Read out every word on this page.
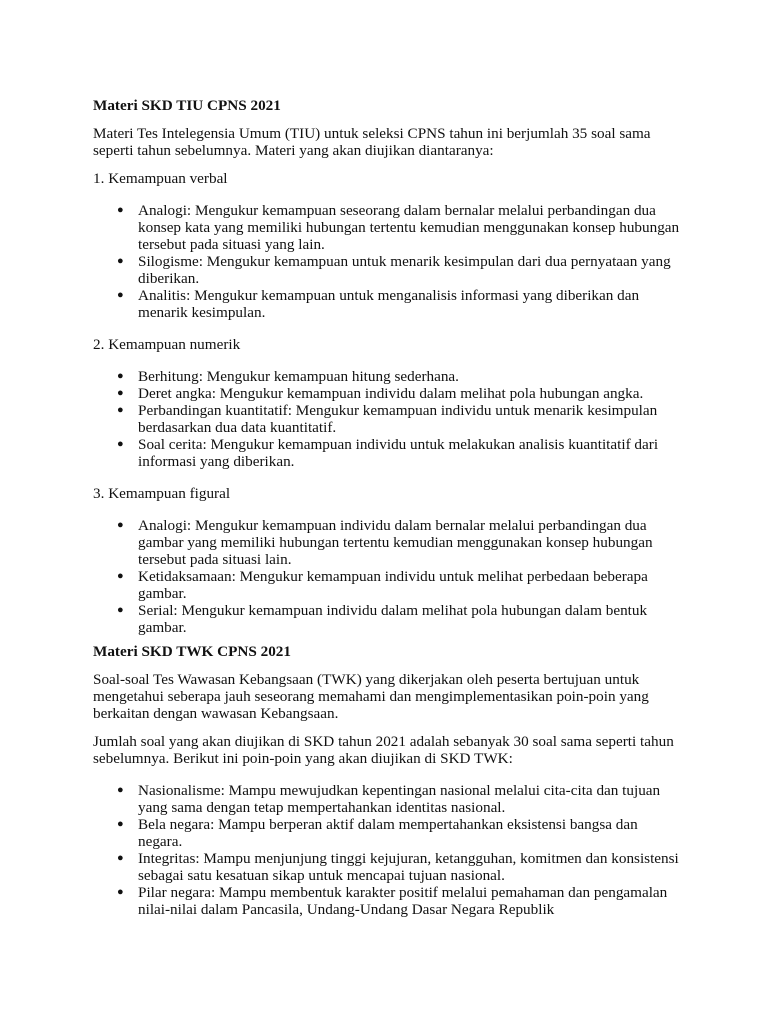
Materi SKD TIU CPNS 2021

Materi Tes Intelegensia Umum (TIU) untuk seleksi CPNS tahun ini berjumlah 35 soal sama seperti tahun sebelumnya. Materi yang akan diujikan diantaranya:

1. Kemampuan verbal

● Analogi: Mengukur kemampuan seseorang dalam bernalar melalui perbandingan dua konsep kata yang memiliki hubungan tertentu kemudian menggunakan konsep hubungan tersebut pada situasi yang lain.
● Silogisme: Mengukur kemampuan untuk menarik kesimpulan dari dua pernyataan yang diberikan.
● Analitis: Mengukur kemampuan untuk menganalisis informasi yang diberikan dan menarik kesimpulan.

2. Kemampuan numerik

● Berhitung: Mengukur kemampuan hitung sederhana.
● Deret angka: Mengukur kemampuan individu dalam melihat pola hubungan angka.
● Perbandingan kuantitatif: Mengukur kemampuan individu untuk menarik kesimpulan berdasarkan dua data kuantitatif.
● Soal cerita: Mengukur kemampuan individu untuk melakukan analisis kuantitatif dari informasi yang diberikan.

3. Kemampuan figural

● Analogi: Mengukur kemampuan individu dalam bernalar melalui perbandingan dua gambar yang memiliki hubungan tertentu kemudian menggunakan konsep hubungan tersebut pada situasi lain.
● Ketidaksamaan: Mengukur kemampuan individu untuk melihat perbedaan beberapa gambar.
● Serial: Mengukur kemampuan individu dalam melihat pola hubungan dalam bentuk gambar.
Materi SKD TWK CPNS 2021

Soal-soal Tes Wawasan Kebangsaan (TWK) yang dikerjakan oleh peserta bertujuan untuk mengetahui seberapa jauh seseorang memahami dan mengimplementasikan poin-poin yang berkaitan dengan wawasan Kebangsaan.

Jumlah soal yang akan diujikan di SKD tahun 2021 adalah sebanyak 30 soal sama seperti tahun sebelumnya. Berikut ini poin-poin yang akan diujikan di SKD TWK:

● Nasionalisme: Mampu mewujudkan kepentingan nasional melalui cita-cita dan tujuan yang sama dengan tetap mempertahankan identitas nasional.
● Bela negara: Mampu berperan aktif dalam mempertahankan eksistensi bangsa dan negara.
● Integritas: Mampu menjunjung tinggi kejujuran, ketangguhan, komitmen dan konsistensi sebagai satu kesatuan sikap untuk mencapai tujuan nasional.
● Pilar negara: Mampu membentuk karakter positif melalui pemahaman dan pengamalan nilai-nilai dalam Pancasila, Undang-Undang Dasar Negara Republik
